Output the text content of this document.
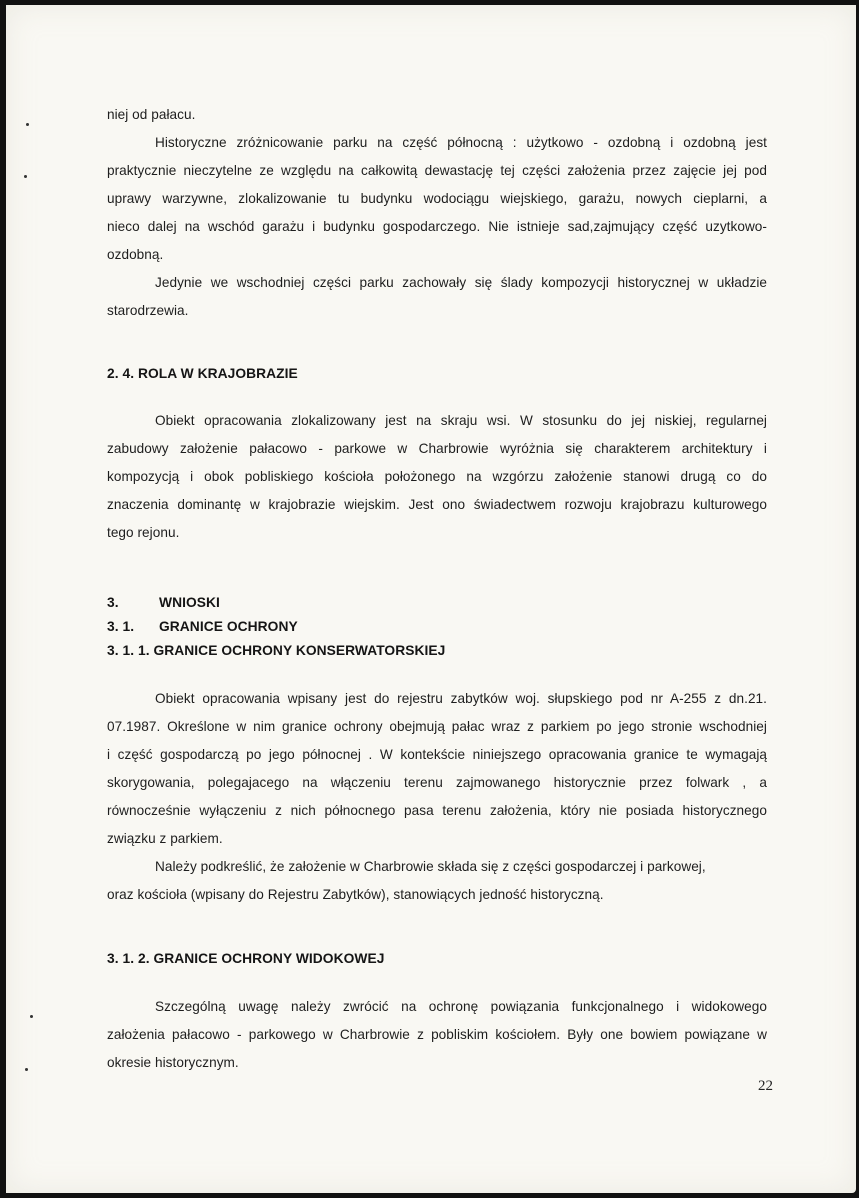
niej od pałacu.
Historyczne zróżnicowanie parku na część północną : użytkowo - ozdobną i ozdobną jest
praktycznie nieczytelne ze względu na całkowitą dewastację tej części założenia przez zajęcie jej pod
uprawy warzywne, zlokalizowanie tu budynku wodociągu wiejskiego, garażu, nowych cieplarni, a
nieco dalej na wschód garażu i budynku gospodarczego. Nie istnieje sad,zajmujący część uzytkowo-
ozdobną.
Jedynie we wschodniej części parku zachowały się ślady kompozycji historycznej w układzie
starodrzewia.
2. 4. ROLA W KRAJOBRAZIE
Obiekt opracowania zlokalizowany jest na skraju wsi. W stosunku do jej niskiej, regularnej
zabudowy założenie pałacowo - parkowe w Charbrowie wyróżnia się charakterem architektury i
kompozycją i obok pobliskiego kościoła położonego na wzgórzu założenie stanowi drugą co do
znaczenia dominantę w krajobrazie wiejskim. Jest ono świadectwem rozwoju krajobrazu kulturowego
tego rejonu.
3.	WNIOSKI
3. 1. GRANICE OCHRONY
3. 1. 1. GRANICE OCHRONY KONSERWATORSKIEJ
Obiekt opracowania wpisany jest do rejestru zabytków woj. słupskiego pod nr A-255 z dn.21.
07.1987. Określone w nim granice ochrony obejmują pałac wraz z parkiem po jego stronie wschodniej
i część gospodarczą po jego północnej . W kontekście niniejszego opracowania granice te wymagają
skorygowania, polegajacego na włączeniu terenu zajmowanego historycznie przez folwark , a
równocześnie wyłączeniu z nich północnego pasa terenu założenia, który nie posiada historycznego
związku z parkiem.
Należy podkreślić, że założenie w Charbrowie składa się z części gospodarczej i parkowej,
oraz kościoła (wpisany do Rejestru Zabytków), stanowiących jedność historyczną.
3. 1. 2. GRANICE OCHRONY WIDOKOWEJ
Szczególną uwagę należy zwrócić na ochronę powiązania funkcjonalnego i widokowego
założenia pałacowo - parkowego w Charbrowie z pobliskim kościołem. Były one bowiem powiązane w
okresie historycznym.
22
